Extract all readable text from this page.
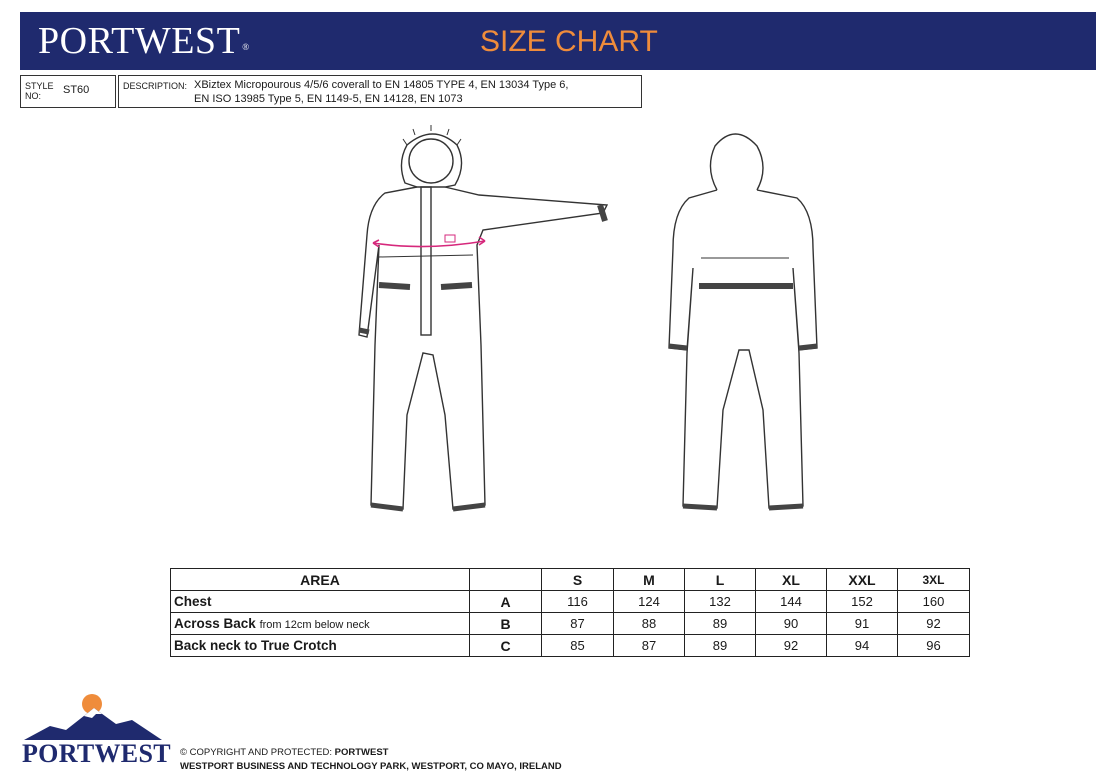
PORTWEST ®	SIZE CHART
STYLE NO:	ST60	DESCRIPTION: XBiztex Micropourous 4/5/6 coverall to EN 14805 TYPE 4, EN 13034 Type 6,
EN ISO 13985 Type 5, EN 1149-5, EN 14128, EN 1073
AREA		S	M	L	XL	XXL	3XL
Chest	A	116	124	132	144	152	160
Across Back from 12cm below neck	B	87	88	89	90	91	92
Back neck to True Crotch	C	85	87	89	92	94	96
PORTWEST © COPYRIGHT AND PROTECTED: PORTWEST
WESTPORT BUSINESS AND TECHNOLOGY PARK, WESTPORT, CO MAYO, IRELAND
